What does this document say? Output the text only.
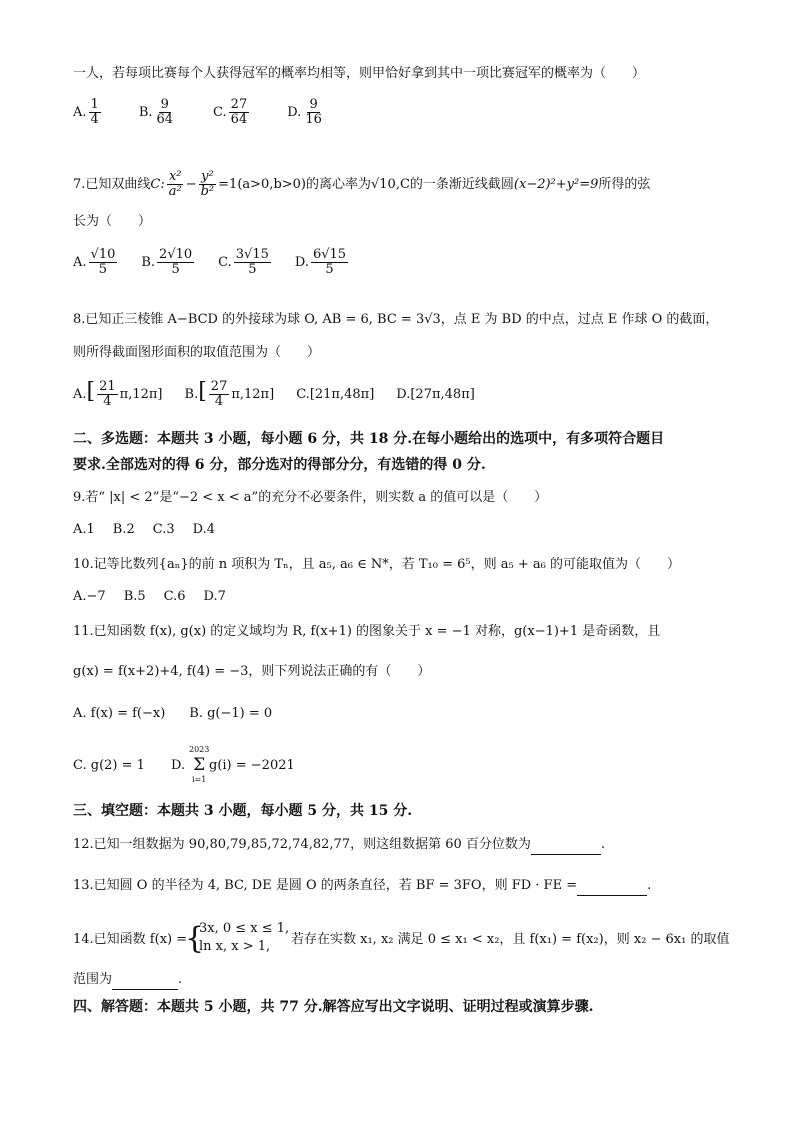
一人，若每项比赛每个人获得冠军的概率均相等，则甲恰好拿到其中一项比赛冠军的概率为（　　）
A. $\frac{1}{4}$	B. $\frac{9}{64}$	C. $\frac{27}{64}$	D. $\frac{9}{16}$
7.已知双曲线C: $\frac{\text{x²}}{\text{a²}} - \frac{\text{y²}}{\text{b²}} =1(a>0,b>0)$的离心率为√10,C的一条渐近线截圆(x−2)²+y²=9所得的弦
长为（　　）
A. $\frac{√10}{5} B$. $\frac{2√10}{5} C$. $\frac{3√15}{5} D$. $\frac{6√15}{5}$
8.已知正三棱锥 A−BCD 的外接球为球 O, AB = 6, BC = 3√3，点 E 为 BD 的中点，过点 E 作球 O 的截面，
则所得截面图形面积的取值范围为（　　）
$A.[ \frac{21}{4} \pi,12\pi]$ $B.[ \frac{27}{4} \pi,12\pi]$ C.[21π,48π] D.[27π,48π]
二、多选题：本题共 3 小题，每小题 6 分，共 18 分.在每小题给出的选项中，有多项符合题目
要求.全部选对的得 6 分，部分选对的得部分分，有选错的得 0 分.
9.若“ |x| < 2”是“−2 < x < a”的充分不必要条件，则实数 a 的值可以是（　　）
A.1 B.2 C.3 D.4
10.记等比数列{aₙ}的前 n 项积为 Tₙ，且 a₅, a₆ ∈ N*，若 T₁₀ = 6⁵，则 a₅ + a₆ 的可能取值为（　　）
A.−7 B.5 C.6 D.7
11.已知函数 f(x), g(x) 的定义域均为 R, f(x+1) 的图象关于 x = −1 对称，g(x−1)+1 是奇函数，且
g(x) = f(x+2)+4, f(4) = −3，则下列说法正确的有（　　）
A. f(x) = f(−x) B. g(−1) = 0
C. g(2) = 1 D.
2023
Σ
i=1
g(i) = −2021
三、填空题：本题共 3 小题，每小题 5 分，共 15 分.
12.已知一组数据为 90,80,79,85,72,74,82,77，则这组数据第 60 百分位数为	.
13.已知圆 O 的半径为 4, BC, DE 是圆 O 的两条直径，若 BF = 3FO，则 FD · FE =	.
14.已知函数 f(x) =
{
3x, 0 ≤ x ≤ 1,
ln x, x > 1,	若存在实数 x₁, x₂ 满足 0 ≤ x₁ < x₂，且 f(x₁) = f(x₂)，则 x₂ − 6x₁ 的取值
范围为	.
四、解答题：本题共 5 小题，共 77 分.解答应写出文字说明、证明过程或演算步骤.
